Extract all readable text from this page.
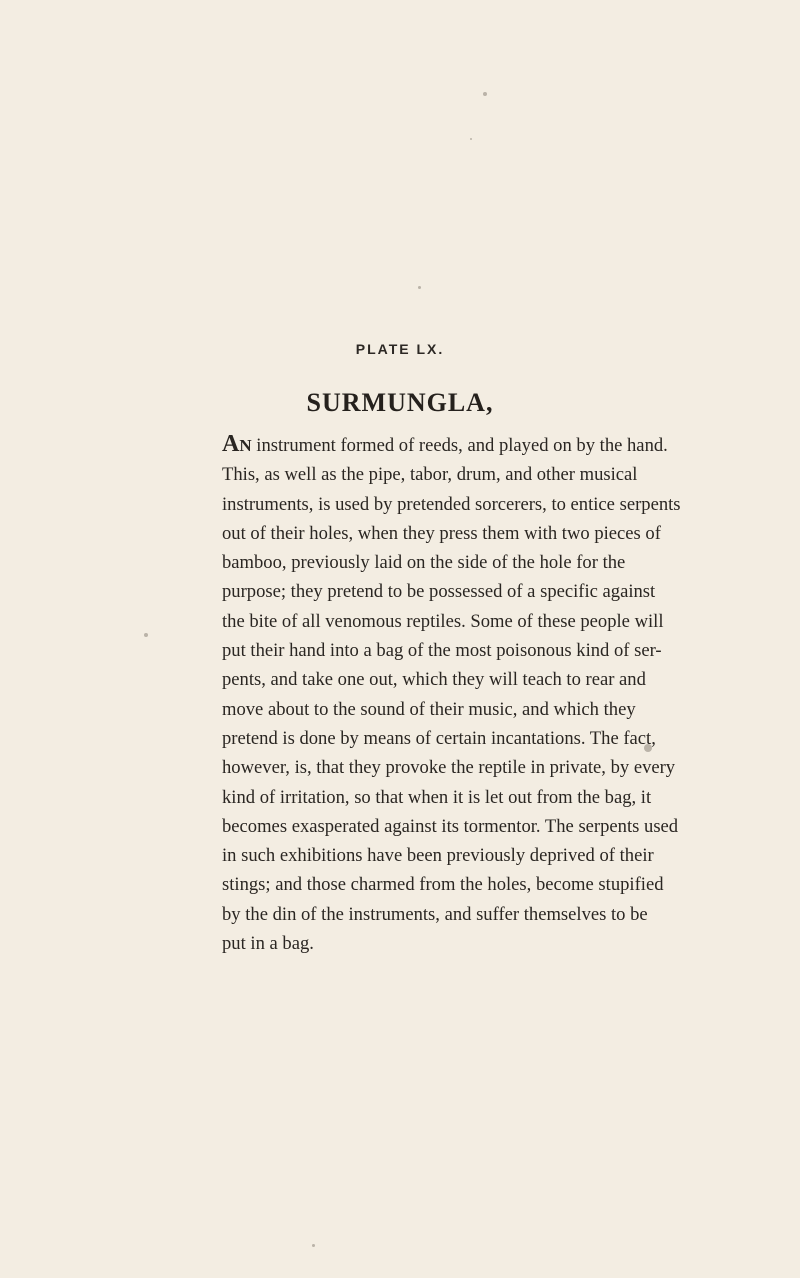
PLATE LX.
SURMUNGLA,

AN instrument formed of reeds, and played on by the hand.
This, as well as the pipe, tabor, drum, and other musical
instruments, is used by pretended sorcerers, to entice serpents
out of their holes, when they press them with two pieces of
bamboo, previously laid on the side of the hole for the
purpose; they pretend to be possessed of a specific against
the bite of all venomous reptiles. Some of these people will
put their hand into a bag of the most poisonous kind of ser-
pents, and take one out, which they will teach to rear and
move about to the sound of their music, and which they
pretend is done by means of certain incantations. The fact,
however, is, that they provoke the reptile in private, by every
kind of irritation, so that when it is let out from the bag, it
becomes exasperated against its tormentor. The serpents used
in such exhibitions have been previously deprived of their
stings; and those charmed from the holes, become stupified
by the din of the instruments, and suffer themselves to be
put in a bag.
